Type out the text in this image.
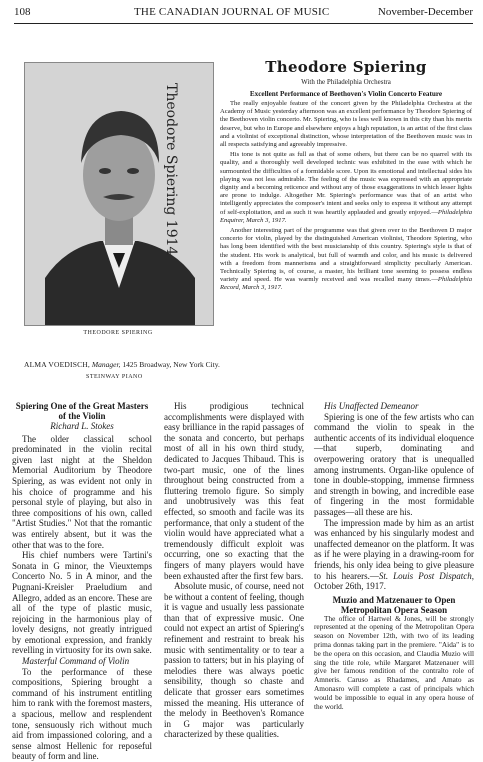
108	THE CANADIAN JOURNAL OF MUSIC	November-December
Theodore Spiering 1914
THEODORE SPIERING
ALMA VOEDISCH, Manager, 1425 Broadway, New York City.
STEINWAY PIANO
Theodore Spiering
With the Philadelphia Orchestra
Excellent Performance of Beethoven's Violin Concerto Feature

The really enjoyable feature of the concert given by the Philadelphia Orchestra at the Academy of Music yesterday afternoon was an excellent performance by Theodore Spiering of the Beethoven violin concerto. Mr. Spiering, who is less well known in this city than his merits deserve, but who in Europe and elsewhere enjoys a high reputation, is an artist of the first class and a violinist of exceptional distinction, whose interpretation of the Beethoven music was in all respects satisfying and agreeably impressive.

His tone is not quite as full as that of some others, but there can be no quarrel with its quality, and a thoroughly well developed technic was exhibited in the ease with which he surmounted the difficulties of a formidable score. Upon its emotional and intellectual sides his playing was not less admirable. The feeling of the music was expressed with an appropriate dignity and a becoming reticence and without any of those exaggerations in which lesser lights are prone to indulge. Altogether Mr. Spiering's performance was that of an artist who intelligently appreciates the composer's intent and seeks only to express it without any attempt of self-exploitation, and as such it was heartily applauded and greatly enjoyed.—Philadelphia Enquirer, March 3, 1917.

Another interesting part of the programme was that given over to the Beethoven D major concerto for violin, played by the distinguished American violinist, Theodore Spiering, who has long been identified with the best musicianship of this country. Spiering's style is that of the student. His work is analytical, but full of warmth and color, and his music is delivered with a freedom from mannerisms and a straightforward simplicity peculiarly American. Technically Spiering is, of course, a master, his brilliant tone seeming to possess endless variety and speed. He was warmly received and was recalled many times.—Philadelphia Record, March 3, 1917.

Spiering One of the Great Masters of the Violin
Richard L. Stokes

The older classical school predominated in the violin recital given last night at the Sheldon Memorial Auditorium by Theodore Spiering, as was evident not only in his choice of programme and his personal style of playing, but also in three compositions of his own, called "Artist Studies." Not that the romantic was entirely absent, but it was the other that was to the fore.

His chief numbers were Tartini's Sonata in G minor, the Vieuxtemps Concerto No. 5 in A minor, and the Pugnani-Kreisler Praeludium and Allegro, added as an encore. These are all of the type of plastic music, rejoicing in the harmonious play of lovely designs, not greatly intrigued by emotional expression, and frankly revelling in virtuosity for its own sake.

Masterful Command of Violin

To the performance of these compositions, Spiering brought a command of his instrument entitling him to rank with the foremost masters, a spacious, mellow and resplendent tone, sensuously rich without much aid from impassioned coloring, and a sense almost Hellenic for reposeful beauty of form and line.

His prodigious technical accomplishments were displayed with easy brilliance in the rapid passages of the sonata and concerto, but perhaps most of all in his own third study, dedicated to Jacques Thibaud. This is two-part music, one of the lines throughout being constructed from a fluttering tremolo figure. So simply and unobtrusively was this feat effected, so smooth and facile was its performance, that only a student of the violin would have appreciated what a tremendously difficult exploit was occurring, one so exacting that the fingers of many players would have been exhausted after the first few bars.

Absolute music, of course, need not be without a content of feeling, though it is vague and usually less passionate than that of expressive music. One could not expect an artist of Spiering's refinement and restraint to break his music with sentimentality or to tear a passion to tatters; but in his playing of melodies there was always poetic sensibility, though so chaste and delicate that grosser ears sometimes missed the meaning. His utterance of the melody in Beethoven's Romance in G major was particularly characterized by these qualities.

His Unaffected Demeanor

Spiering is one of the few artists who can command the violin to speak in the authentic accents of its individual eloquence—that superb, dominating and overpowering oratory that is unequalled among instruments. Organ-like opulence of tone in double-stopping, immense firmness and strength in bowing, and incredible ease of fingering in the most formidable passages—all these are his.

The impression made by him as an artist was enhanced by his singularly modest and unaffected demeanor on the platform. It was as if he were playing in a drawing-room for friends, his only idea being to give pleasure to his hearers.—St. Louis Post Dispatch, October 26th, 1917.

Muzio and Matzenauer to Open Metropolitan Opera Season

The office of Hartwel & Jones, will be strongly represented at the opening of the Metropolitan Opera season on November 12th, with two of its leading prima donnas taking part in the premiere. "Aida" is to be the opera on this occasion, and Claudia Muzio will sing the title role, while Margaret Matzenauer will give her famous rendition of the contralto role of Amneris. Caruso as Rhadames, and Amato as Amonasro will complete a cast of principals which would be impossible to equal in any opera house of the world.
